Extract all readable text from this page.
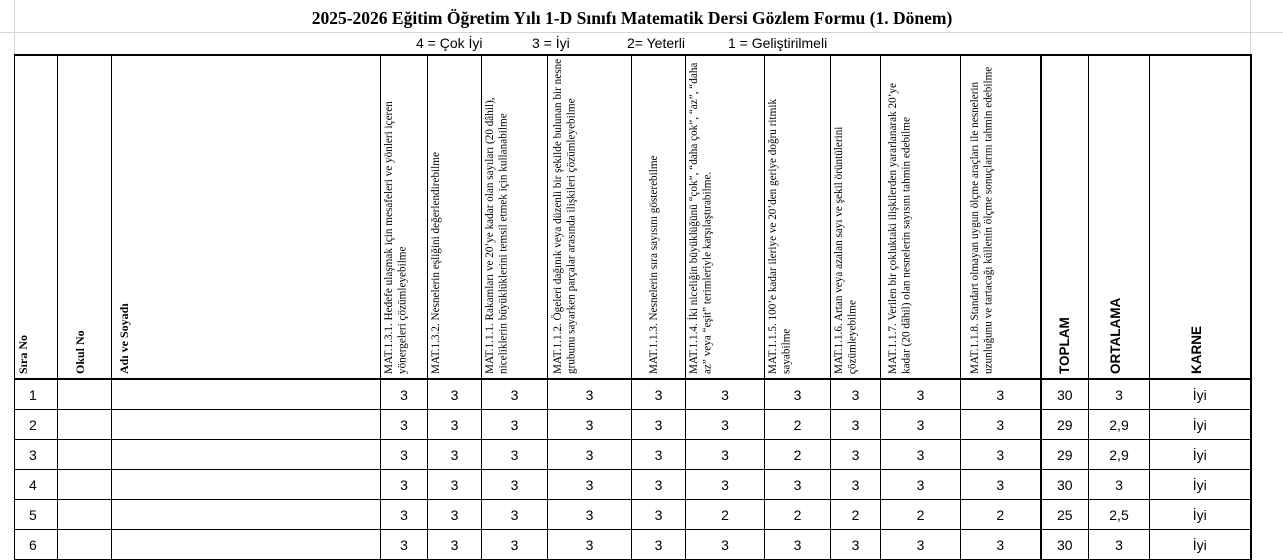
2025-2026 Eğitim Öğretim Yılı 1-D Sınıfı Matematik Dersi Gözlem Formu (1. Dönem)
4 = Çok İyi	3 = İyi	2= Yeterli	1 = Geliştirilmeli
Sıra No	Okul No	Adı ve Soyadı	MAT.1.3.1. Hedefe ulaşmak için mesafeleri ve yönleri içeren yönergeleri çözümleyebilme	MAT.1.3.2. Nesnelerin eşliğini değerlendirebilme	MAT.1.1.1. Rakamları ve 20’ye kadar olan sayıları (20 dâhil), niceliklerin büyüklüklerini temsil etmek için kullanabilme	MAT.1.1.2. Ögeleri dağınık veya düzenli bir şekilde bulunan bir nesne grubunu sayarken parçalar arasında ilişkileri çözümleyebilme	MAT.1.1.3. Nesnelerin sıra sayısını gösterebilme	MAT.1.1.4. İki niceliğin büyüklüğünü “çok”, “daha çok”, “az”, “daha az” veya “eşit” terimleriyle karşılaştırabilme.	MAT.1.1.5. 100’e kadar ileriye ve 20’den geriye doğru ritmik sayabilme	MAT.1.1.6. Artan veya azalan sayı ve şekil örüntülerini çözümleyebilme	MAT.1.1.7. Verilen bir çokluktaki ilişkilerden yararlanarak 20’ye kadar (20 dâhil) olan nesnelerin sayısını tahmin edebilme	MAT.1.1.8. Standart olmayan uygun ölçme araçları ile nesnelerin uzunluğunu ve tartacağı küllenin ölçme sonuçlarını tahmin edebilme	TOPLAM	ORTALAMA	KARNE

1			3	3	3	3	3	3	3	3	3	3	30	3	İyi
2			3	3	3	3	3	3	2	3	3	3	29	2,9	İyi
3			3	3	3	3	3	3	2	3	3	3	29	2,9	İyi
4			3	3	3	3	3	3	3	3	3	3	30	3	İyi
5			3	3	3	3	3	2	2	2	2	2	25	2,5	İyi
6			3	3	3	3	3	3	3	3	3	3	30	3	İyi
